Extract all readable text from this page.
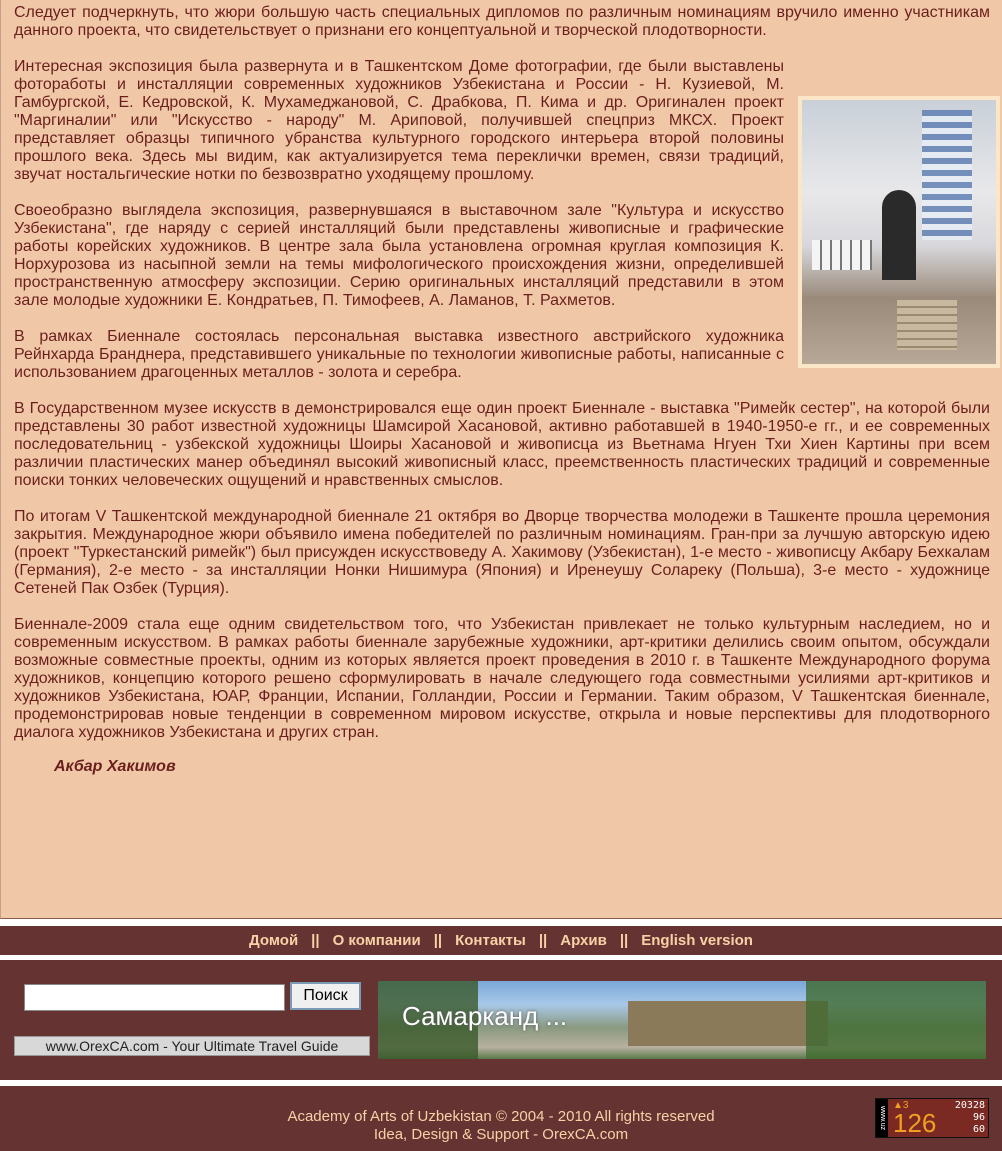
Следует подчеркнуть, что жюри большую часть специальных дипломов по различным номинациям вручило именно участникам данного проекта, что свидетельствует о признани его концептуальной и творческой плодотворности.

Интересная экспозиция была развернута и в Ташкентском Доме фотографии, где были выставлены фотоработы и инсталляции современных художников Узбекистана и России - Н. Кузиевой, М. Гамбургской, Е. Кедровской, К. Мухамеджановой, С. Драбкова, П. Кима и др. Оригинален проект "Маргиналии" или "Искусство - народу" М. Ариповой, получившей спецприз МКСХ. Проект представляет образцы типичного убранства культурного городского интерьера второй половины прошлого века. Здесь мы видим, как актуализируется тема переклички времен, связи традиций, звучат ностальгические нотки по безвозвратно уходящему прошлому.

Своеобразно выглядела экспозиция, развернувшаяся в выставочном зале "Культура и искусство Узбекистана", где наряду с серией инсталляций были представлены живописные и графические работы корейских художников. В центре зала была установлена огромная круглая композиция К. Норхурозова из насыпной земли на темы мифологического происхождения жизни, определившей пространственную атмосферу экспозиции. Серию оригинальных инсталляций представили в этом зале молодые художники Е. Кондратьев, П. Тимофеев, А. Ламанов, Т. Рахметов.

В рамках Биеннале состоялась персональная выставка известного австрийского художника Рейнхарда Бранднера, представившего уникальные по технологии живописные работы, написанные с использованием драгоценных металлов - золота и серебра.

В Государственном музее искусств в демонстрировался еще один проект Биеннале - выставка "Римейк сестер", на которой были представлены 30 работ известной художницы Шамсирой Хасановой, активно работавшей в 1940-1950-е гг., и ее современных последовательниц - узбекской художницы Шоиры Хасановой и живописца из Вьетнама Нгуен Тхи Хиен Картины при всем различии пластических манер объединял высокий живописный класс, преемственность пластических традиций и современные поиски тонких человеческих ощущений и нравственных смыслов.

По итогам V Ташкентской международной биеннале 21 октября во Дворце творчества молодежи в Ташкенте прошла церемония закрытия. Международное жюри объявило имена победителей по различным номинациям. Гран-при за лучшую авторскую идею (проект "Туркестанский римейк") был присужден искусствоведу А. Хакимову (Узбекистан), 1-е место - живописцу Акбару Бехкалам (Германия), 2-е место - за инсталляции Нонки Нишимура (Япония) и Иренеушу Солареку (Польша), 3-е место - художнице Сетеней Пак Озбек (Турция).

Биеннале-2009 стала еще одним свидетельством того, что Узбекистан привлекает не только культурным наследием, но и современным искусством. В рамках работы биеннале зарубежные художники, арт-критики делились своим опытом, обсуждали возможные совместные проекты, одним из которых является проект проведения в 2010 г. в Ташкенте Международного форума художников, концепцию которого решено сформулировать в начале следующего года совместными усилиями арт-критиков и художников Узбекистана, ЮАР, Франции, Испании, Голландии, России и Германии. Таким образом, V Ташкентская биеннале, продемонстрировав новые тенденции в современном мировом искусстве, открыла и новые перспективы для плодотворного диалога художников Узбекистана и других стран.

Акбар Хакимов
Домой || О компании || Контакты || Архив || English version
Поиск
www.OrexCA.com - Your Ultimate Travel Guide
Самарканд ...
Academy of Arts of Uzbekistan © 2004 - 2010 All rights reserved
Idea, Design & Support - OrexCA.com
www.uz
▲3
126
20328
96
60
